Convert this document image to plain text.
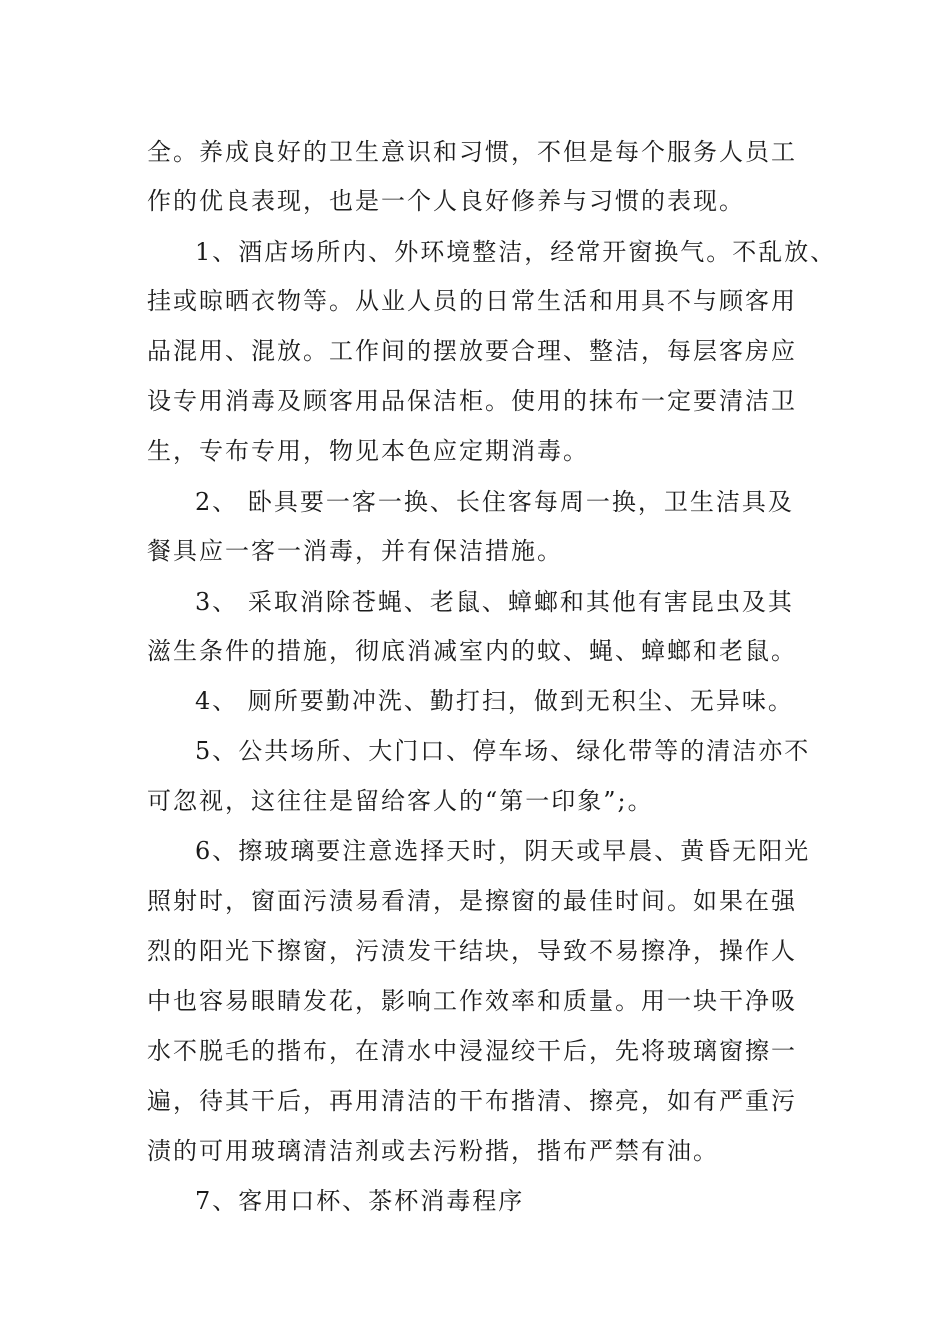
全。养成良好的卫生意识和习惯，不但是每个服务人员工
作的优良表现，也是一个人良好修养与习惯的表现。
1、酒店场所内、外环境整洁，经常开窗换气。不乱放、
挂或晾晒衣物等。从业人员的日常生活和用具不与顾客用
品混用、混放。工作间的摆放要合理、整洁，每层客房应
设专用消毒及顾客用品保洁柜。使用的抹布一定要清洁卫
生，专布专用，物见本色应定期消毒。
2、 卧具要一客一换、长住客每周一换，卫生洁具及
餐具应一客一消毒，并有保洁措施。
3、 采取消除苍蝇、老鼠、蟑螂和其他有害昆虫及其
滋生条件的措施，彻底消减室内的蚊、蝇、蟑螂和老鼠。
4、 厕所要勤冲洗、勤打扫，做到无积尘、无异味。
5、公共场所、大门口、停车场、绿化带等的清洁亦不
可忽视，这往往是留给客人的“第一印象”;。
6、擦玻璃要注意选择天时，阴天或早晨、黄昏无阳光
照射时，窗面污渍易看清，是擦窗的最佳时间。如果在强
烈的阳光下擦窗，污渍发干结块，导致不易擦净，操作人
中也容易眼睛发花，影响工作效率和质量。用一块干净吸
水不脱毛的揩布，在清水中浸湿绞干后，先将玻璃窗擦一
遍，待其干后，再用清洁的干布揩清、擦亮，如有严重污
渍的可用玻璃清洁剂或去污粉揩，揩布严禁有油。
7、客用口杯、茶杯消毒程序
